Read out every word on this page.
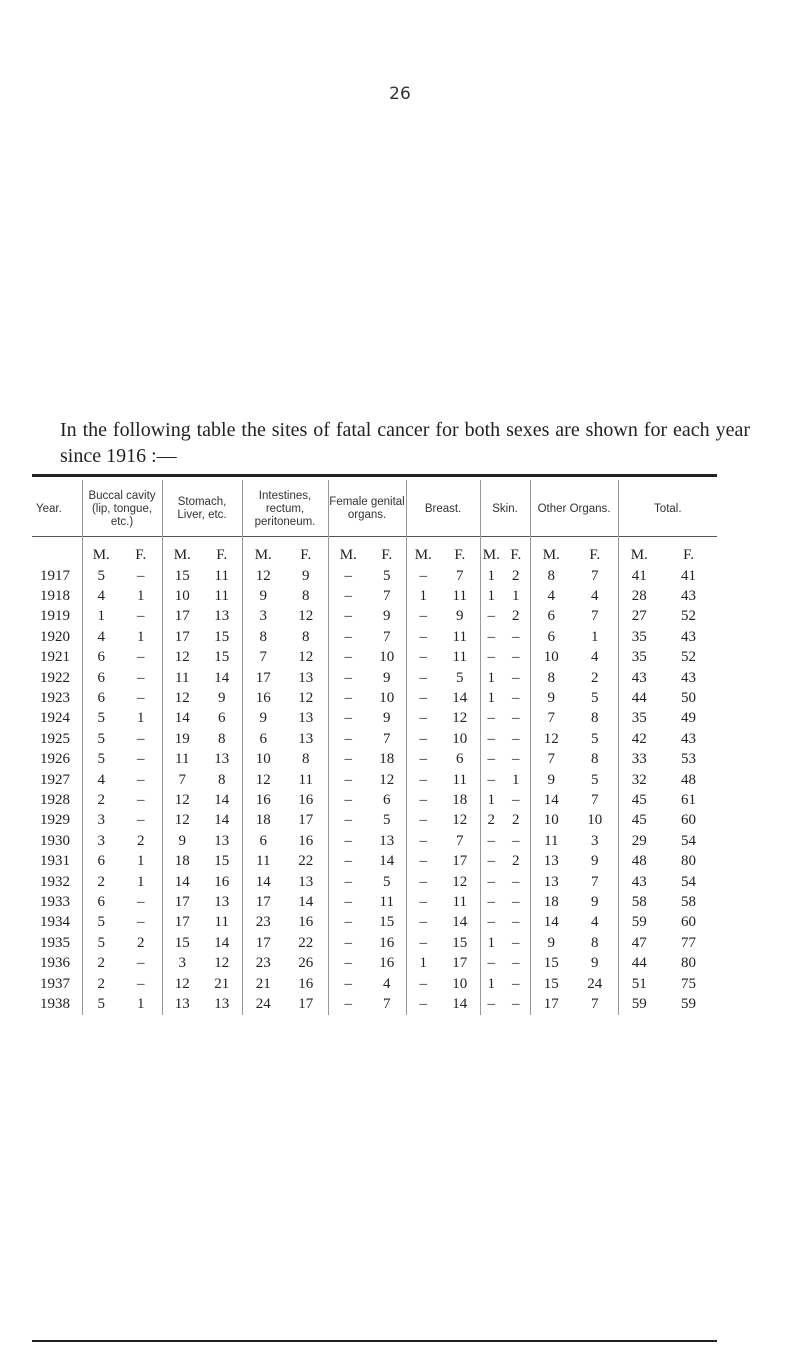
26

In the following table the sites of fatal cancer for both sexes are shown for each year since 1916 :—

Year.	Buccal cavity (lip, tongue, etc.)		Stomach, Liver, etc.		Intestines, rectum, peritoneum.		Female genital organs.		Breast.		Skin.		Other Organs.		Total.	
	M.	F.	M.	F.	M.	F.	M.	F.	M.	F.	M.	F.	M.	F.	M.	F.
1917	5	–	15	11	12	9	–	5	–	7	1	2	8	7	41	41
1918	4	1	10	11	9	8	–	7	1	11	1	1	4	4	28	43
1919	1	–	17	13	3	12	–	9	–	9	–	2	6	7	27	52
1920	4	1	17	15	8	8	–	7	–	11	–	–	6	1	35	43
1921	6	–	12	15	7	12	–	10	–	11	–	–	10	4	35	52
1922	6	–	11	14	17	13	–	9	–	5	1	–	8	2	43	43
1923	6	–	12	9	16	12	–	10	–	14	1	–	9	5	44	50
1924	5	1	14	6	9	13	–	9	–	12	–	–	7	8	35	49
1925	5	–	19	8	6	13	–	7	–	10	–	–	12	5	42	43
1926	5	–	11	13	10	8	–	18	–	6	–	–	7	8	33	53
1927	4	–	7	8	12	11	–	12	–	11	–	1	9	5	32	48
1928	2	–	12	14	16	16	–	6	–	18	1	–	14	7	45	61
1929	3	–	12	14	18	17	–	5	–	12	2	2	10	10	45	60
1930	3	2	9	13	6	16	–	13	–	7	–	–	11	3	29	54
1931	6	1	18	15	11	22	–	14	–	17	–	2	13	9	48	80
1932	2	1	14	16	14	13	–	5	–	12	–	–	13	7	43	54
1933	6	–	17	13	17	14	–	11	–	11	–	–	18	9	58	58
1934	5	–	17	11	23	16	–	15	–	14	–	–	14	4	59	60
1935	5	2	15	14	17	22	–	16	–	15	1	–	9	8	47	77
1936	2	–	3	12	23	26	–	16	1	17	–	–	15	9	44	80
1937	2	–	12	21	21	16	–	4	–	10	1	–	15	24	51	75
1938	5	1	13	13	24	17	–	7	–	14	–	–	17	7	59	59
